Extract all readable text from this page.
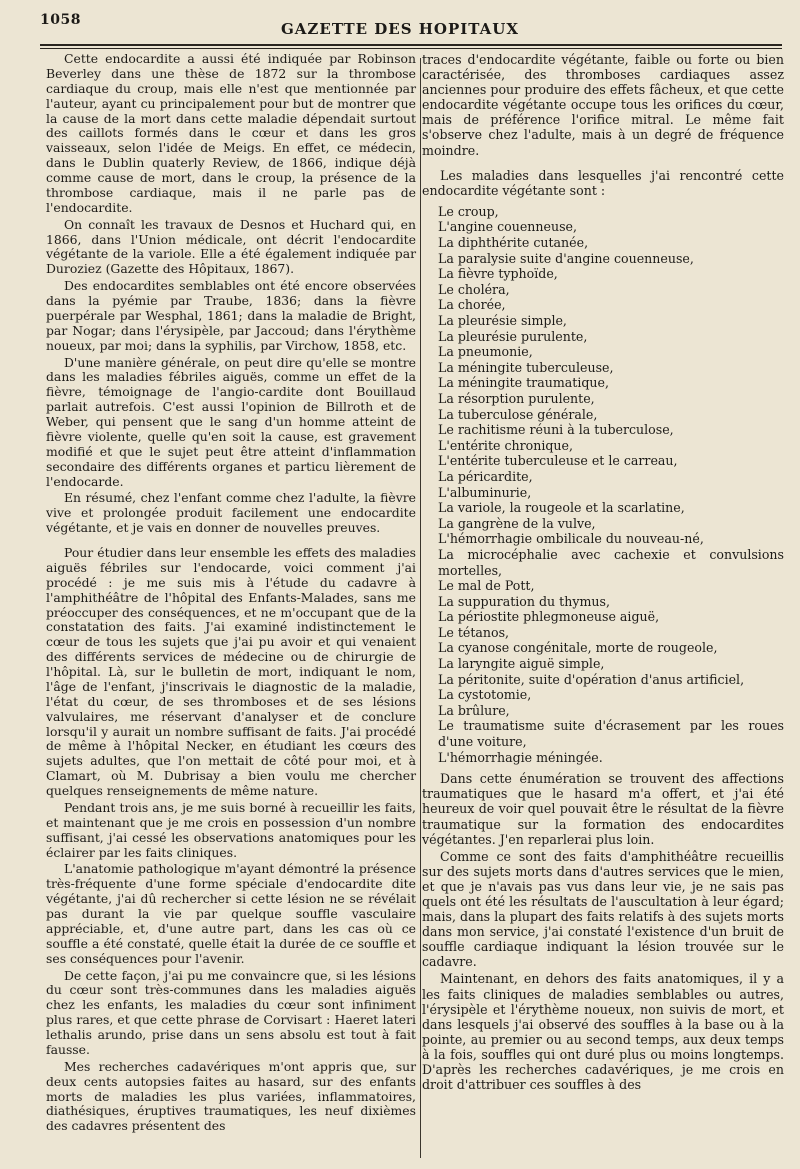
1058	GAZETTE DES HOPITAUX

Cette endocardite a aussi été indiquée par Robinson Beverley dans une thèse de 1872 sur la thrombose cardiaque du croup, mais elle n'est que mentionnée par l'auteur, ayant cu principalement pour but de montrer que la cause de la mort dans cette maladie dépendait surtout des caillots formés dans le cœur et dans les gros vaisseaux, selon l'idée de Meigs. En effet, ce médecin, dans le Dublin quaterly Review, de 1866, indique déjà comme cause de mort, dans le croup, la présence de la thrombose cardiaque, mais il ne parle pas de l'endocardite.

On connaît les travaux de Desnos et Huchard qui, en 1866, dans l'Union médicale, ont décrit l'endocardite végétante de la variole. Elle a été également indiquée par Duroziez (Gazette des Hôpitaux, 1867).

Des endocardites semblables ont été encore observées dans la pyémie par Traube, 1836; dans la fièvre puerpérale par Wesphal, 1861; dans la maladie de Bright, par Nogar; dans l'érysipèle, par Jaccoud; dans l'érythème noueux, par moi; dans la syphilis, par Virchow, 1858, etc.

D'une manière générale, on peut dire qu'elle se montre dans les maladies fébriles aiguës, comme un effet de la fièvre, témoignage de l'angio-cardite dont Bouillaud parlait autrefois. C'est aussi l'opinion de Billroth et de Weber, qui pensent que le sang d'un homme atteint de fièvre violente, quelle qu'en soit la cause, est gravement modifié et que le sujet peut être atteint d'inflammation secondaire des différents organes et particu lièrement de l'endocarde.

En résumé, chez l'enfant comme chez l'adulte, la fièvre vive et prolongée produit facilement une endocardite végétante, et je vais en donner de nouvelles preuves.

Pour étudier dans leur ensemble les effets des maladies aiguës fébriles sur l'endocarde, voici comment j'ai procédé : je me suis mis à l'étude du cadavre à l'amphithéâtre de l'hôpital des Enfants-Malades, sans me préoccuper des conséquences, et ne m'occupant que de la constatation des faits. J'ai examiné indistinctement le cœur de tous les sujets que j'ai pu avoir et qui venaient des différents services de médecine ou de chirurgie de l'hôpital. Là, sur le bulletin de mort, indiquant le nom, l'âge de l'enfant, j'inscrivais le diagnostic de la maladie, l'état du cœur, de ses thromboses et de ses lésions valvulaires, me réservant d'analyser et de conclure lorsqu'il y aurait un nombre suffisant de faits. J'ai procédé de même à l'hôpital Necker, en étudiant les cœurs des sujets adultes, que l'on mettait de côté pour moi, et à Clamart, où M. Dubrisay a bien voulu me chercher quelques renseignements de même nature.

Pendant trois ans, je me suis borné à recueillir les faits, et maintenant que je me crois en possession d'un nombre suffisant, j'ai cessé les observations anatomiques pour les éclairer par les faits cliniques.

L'anatomie pathologique m'ayant démontré la présence très-fréquente d'une forme spéciale d'endocardite dite végétante, j'ai dû rechercher si cette lésion ne se révélait pas durant la vie par quelque souffle vasculaire appréciable, et, d'une autre part, dans les cas où ce souffle a été constaté, quelle était la durée de ce souffle et ses conséquences pour l'avenir.

De cette façon, j'ai pu me convaincre que, si les lésions du cœur sont très-communes dans les maladies aiguës chez les enfants, les maladies du cœur sont infiniment plus rares, et que cette phrase de Corvisart : Haeret lateri lethalis arundo, prise dans un sens absolu est tout à fait fausse.

Mes recherches cadavériques m'ont appris que, sur deux cents autopsies faites au hasard, sur des enfants morts de maladies les plus variées, inflammatoires, diathésiques, éruptives traumatiques, les neuf dixièmes des cadavres présentent des

traces d'endocardite végétante, faible ou forte ou bien caractérisée, des thromboses cardiaques assez anciennes pour produire des effets fâcheux, et que cette endocardite végétante occupe tous les orifices du cœur, mais de préférence l'orifice mitral. Le même fait s'observe chez l'adulte, mais à un degré de fréquence moindre.

Les maladies dans lesquelles j'ai rencontré cette endocardite végétante sont :

Le croup,
L'angine couenneuse,
La diphthérite cutanée,
La paralysie suite d'angine couenneuse,
La fièvre typhoïde,
Le choléra,
La chorée,
La pleurésie simple,
La pleurésie purulente,
La pneumonie,
La méningite tuberculeuse,
La méningite traumatique,
La résorption purulente,
La tuberculose générale,
Le rachitisme réuni à la tuberculose,
L'entérite chronique,
L'entérite tuberculeuse et le carreau,
La péricardite,
L'albuminurie,
La variole, la rougeole et la scarlatine,
La gangrène de la vulve,
L'hémorrhagie ombilicale du nouveau-né,
La microcéphalie avec cachexie et convulsions mortelles,
Le mal de Pott,
La suppuration du thymus,
La périostite phlegmoneuse aiguë,
Le tétanos,
La cyanose congénitale, morte de rougeole,
La laryngite aiguë simple,
La péritonite, suite d'opération d'anus artificiel,
La cystotomie,
La brûlure,
Le traumatisme suite d'écrasement par les roues d'une voiture,
L'hémorrhagie méningée.

Dans cette énumération se trouvent des affections traumatiques que le hasard m'a offert, et j'ai été heureux de voir quel pouvait être le résultat de la fièvre traumatique sur la formation des endocardites végétantes. J'en reparlerai plus loin.

Comme ce sont des faits d'amphithéâtre recueillis sur des sujets morts dans d'autres services que le mien, et que je n'avais pas vus dans leur vie, je ne sais pas quels ont été les résultats de l'auscultation à leur égard; mais, dans la plupart des faits relatifs à des sujets morts dans mon service, j'ai constaté l'existence d'un bruit de souffle cardiaque indiquant la lésion trouvée sur le cadavre.

Maintenant, en dehors des faits anatomiques, il y a les faits cliniques de maladies semblables ou autres, l'érysipèle et l'érythème noueux, non suivis de mort, et dans lesquels j'ai observé des souffles à la base ou à la pointe, au premier ou au second temps, aux deux temps à la fois, souffles qui ont duré plus ou moins longtemps. D'après les recherches cadavériques, je me crois en droit d'attribuer ces souffles à des
